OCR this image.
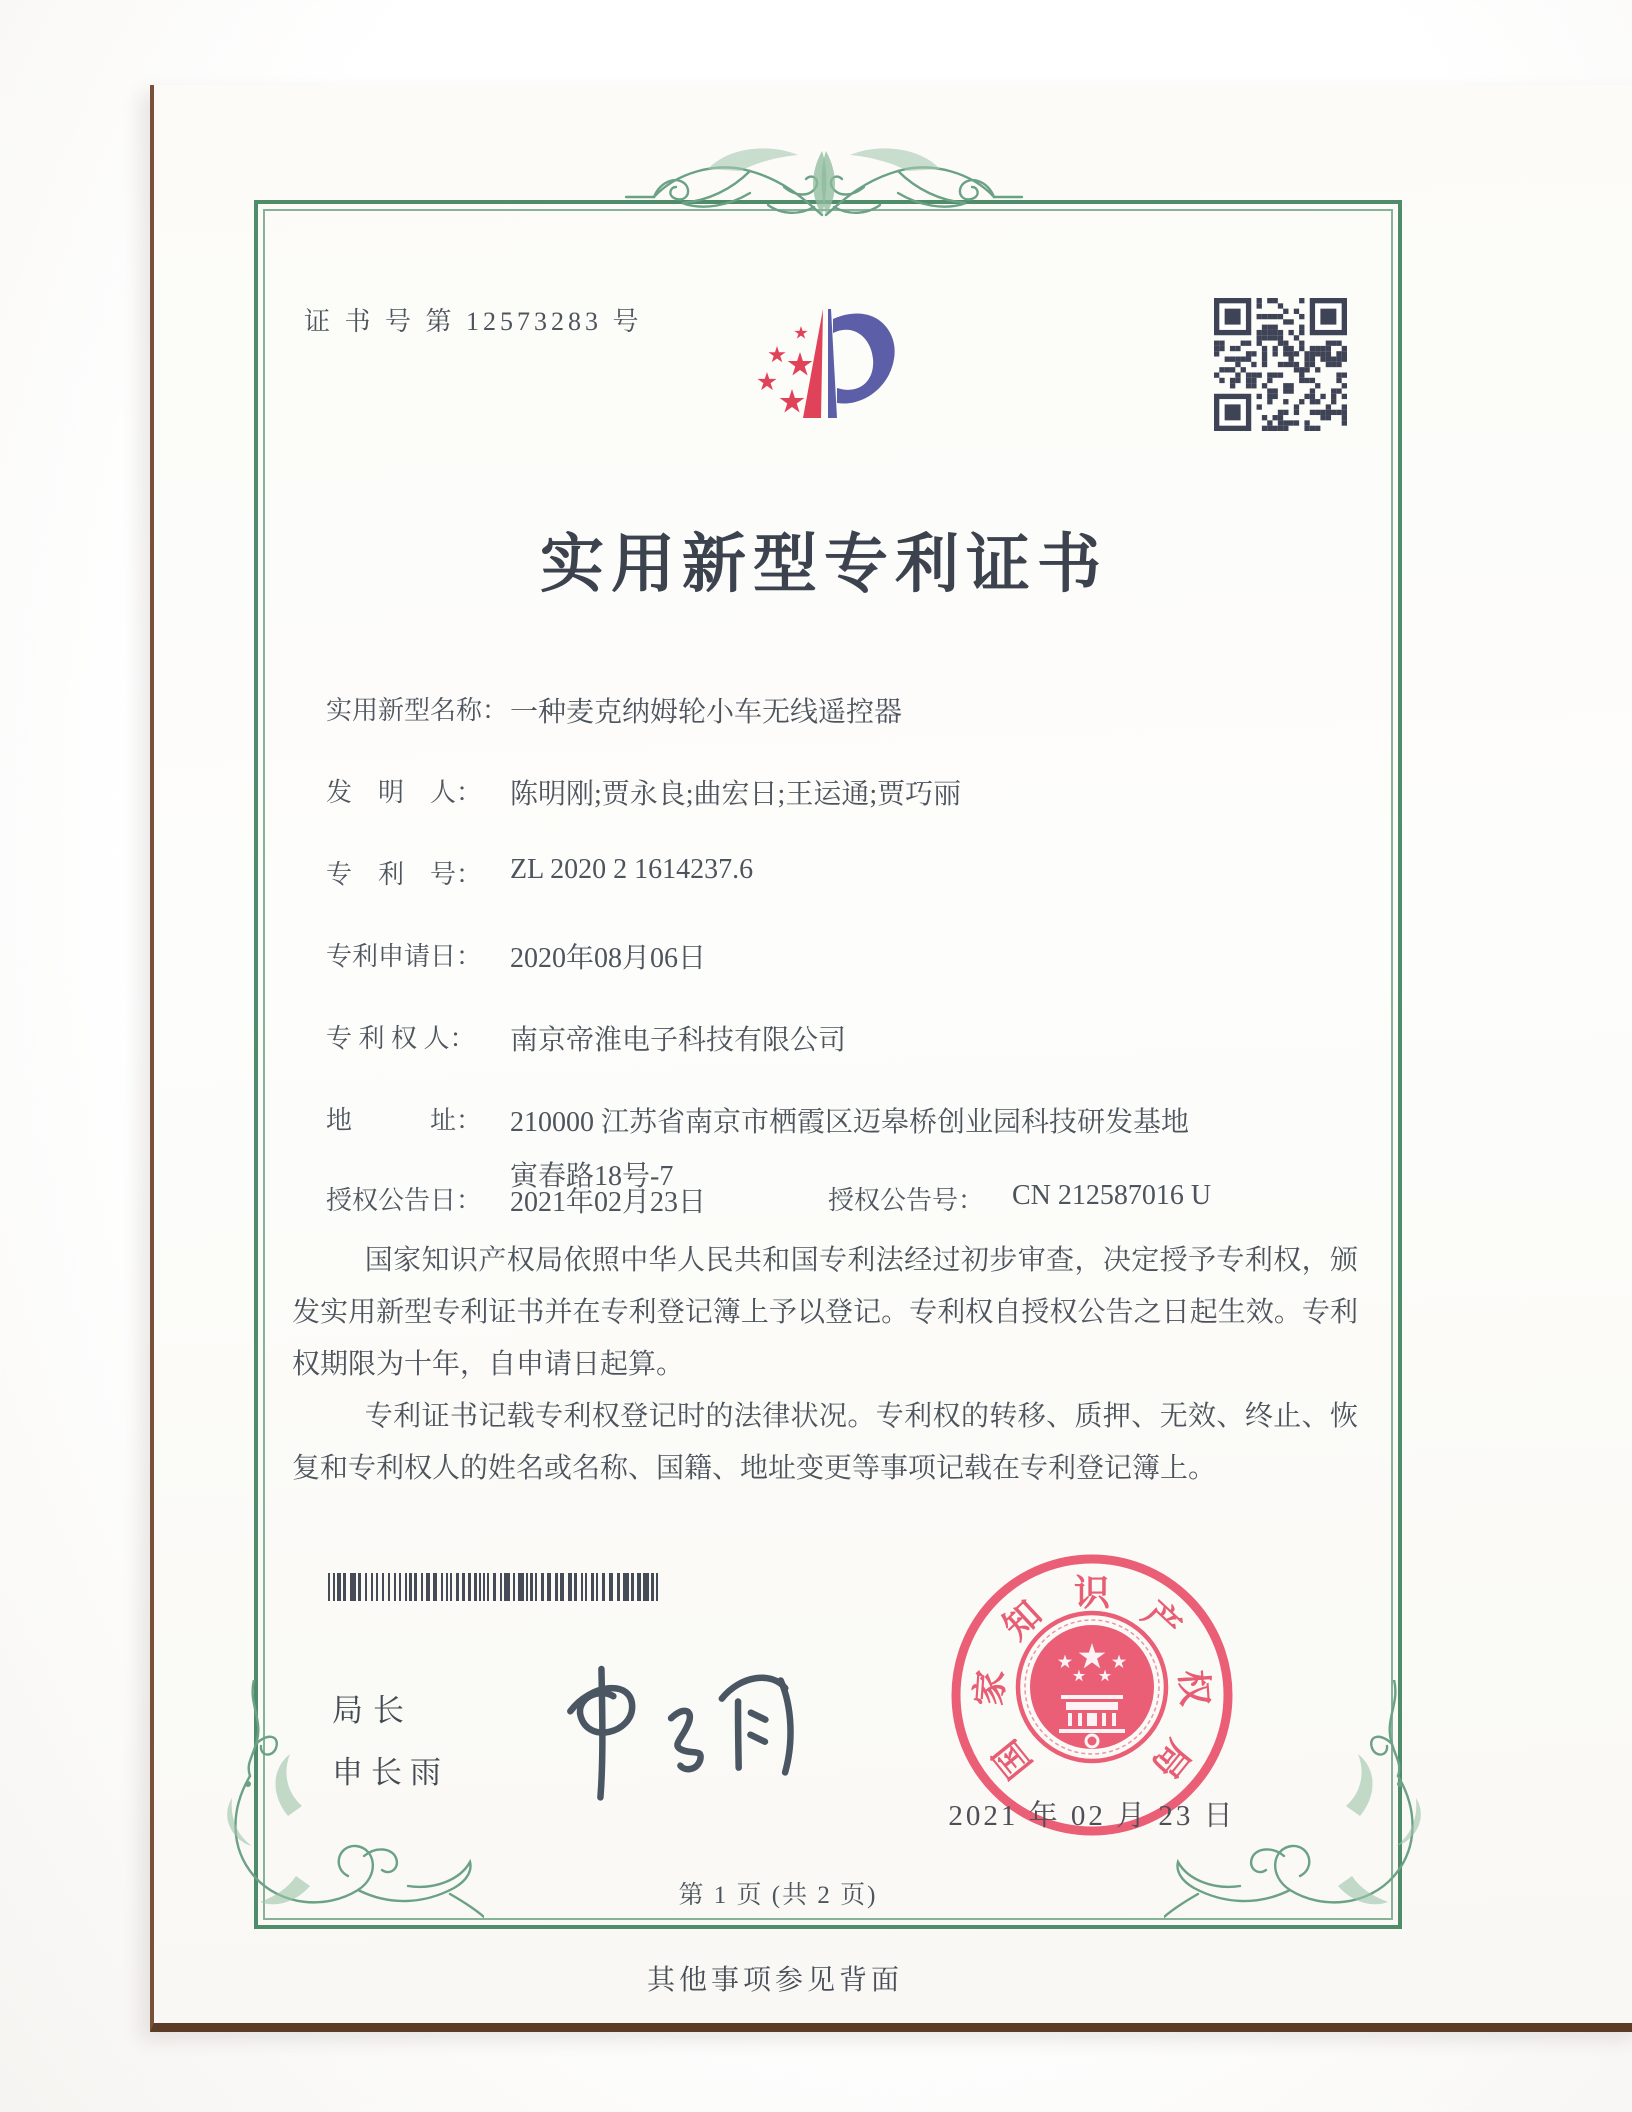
证 书 号 第 12573283 号
实用新型专利证书
实用新型名称： 一种麦克纳姆轮小车无线遥控器
发　明　人： 陈明刚;贾永良;曲宏日;王运通;贾巧丽
专　利　号： ZL 2020 2 1614237.6
专利申请日： 2020年08月06日
专 利 权 人：	南京帝淮电子科技有限公司
地　　　址： 210000 江苏省南京市栖霞区迈皋桥创业园科技研发基地
寅春路18号-7
授权公告日： 2021年02月23日	授权公告号： CN 212587016 U

国家知识产权局依照中华人民共和国专利法经过初步审查，决定授予专利权，颁发实用新型专利证书并在专利登记簿上予以登记。专利权自授权公告之日起生效。专利权期限为十年，自申请日起算。

专利证书记载专利权登记时的法律状况。专利权的转移、质押、无效、终止、恢复和专利权人的姓名或名称、国籍、地址变更等事项记载在专利登记簿上。

局长
申长雨	国
家
知
识
产
权
局
2021 年 02 月 23 日
第 1 页 (共 2 页)
其他事项参见背面
